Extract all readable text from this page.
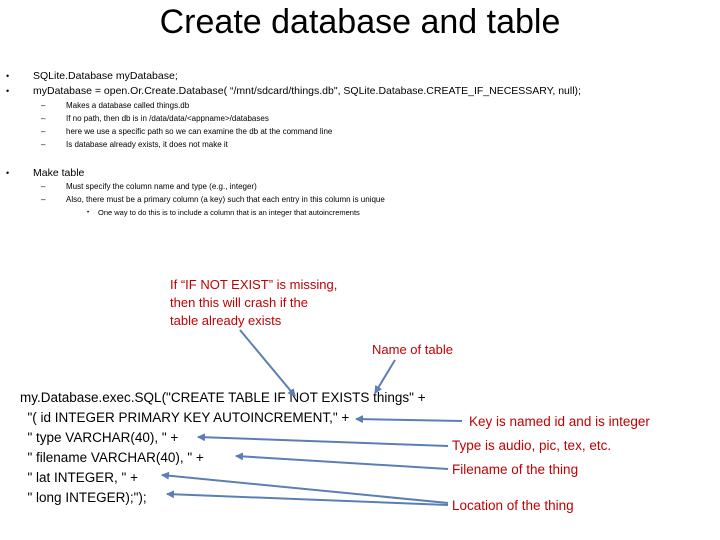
Create database and table
• SQLite.Database myDatabase;
• myDatabase = open.Or.Create.Database( “/mnt/sdcard/things.db", SQLite.Database.CREATE_IF_NECESSARY, null);
–	Makes a database called things.db
–	If no path, then db is in /data/data/<appname>/databases
–	here we use a specific path so we can examine the db at the command line
–	Is database already exists, it does not make it
• Make table
–	Must specify the column name and type (e.g., integer)
–	Also, there must be a primary column (a key) such that each entry in this column is unique
• One way to do this is to include a column that is an integer that autoincrements
If “IF NOT EXIST” is missing,
then this will crash if the
table already exists
Name of table
my.Database.exec.SQL("CREATE TABLE IF NOT EXISTS things" +
"( id INTEGER PRIMARY KEY AUTOINCREMENT," +
" type VARCHAR(40), " +
" filename VARCHAR(40), " +
" lat INTEGER, " +
" long INTEGER);");
Key is named id and is integer
Type is audio, pic, tex, etc.
Filename of the thing
Location of the thing
